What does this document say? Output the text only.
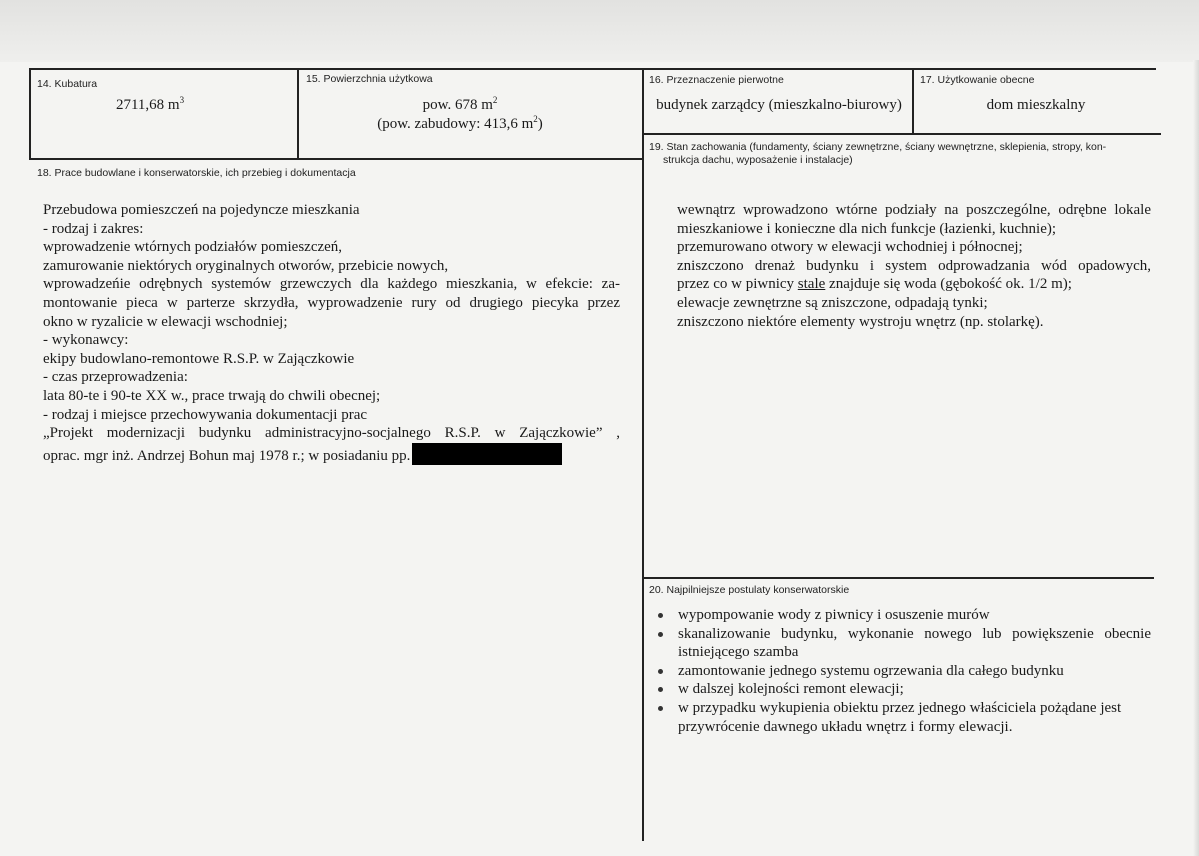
14. Kubatura
2711,68 $m^3$
15. Powierzchnia użytkowa
pow. 678 $m^2$
(pow. zabudowy: 413,6 $m^2$)
16. Przeznaczenie pierwotne
budynek zarządcy (mieszkalno-biurowy)
17. Użytkowanie obecne
dom mieszkalny
18. Prace budowlane i konserwatorskie, ich przebieg i dokumentacja
Przebudowa pomieszczeń na pojedyncze mieszkania
- rodzaj i zakres:
wprowadzenie wtórnych podziałów pomieszczeń,
zamurowanie niektórych oryginalnych otworów, przebicie nowych,
wprowadzeńie odrębnych systemów grzewczych dla każdego mieszkania, w efekcie: za-
montowanie pieca w parterze skrzydła, wyprowadzenie rury od drugiego piecyka przez
okno w ryzalicie w elewacji wschodniej;
- wykonawcy:
ekipy budowlano-remontowe R.S.P. w Zajączkowie
- czas przeprowadzenia:
lata 80-te i 90-te XX w., prace trwają do chwili obecnej;
- rodzaj i miejsce przechowywania dokumentacji prac
„Projekt modernizacji budynku administracyjno-socjalnego R.S.P. w Zajączkowie” ,
oprac. mgr inż. Andrzej Bohun maj 1978 r.; w posiadaniu pp.
19. Stan zachowania (fundamenty, ściany zewnętrzne, ściany wewnętrzne, sklepienia, stropy, kon-
strukcja dachu, wyposażenie i instalacje)
wewnątrz wprowadzono wtórne podziały na poszczególne, odrębne lokale
mieszkaniowe i konieczne dla nich funkcje (łazienki, kuchnie);
przemurowano otwory w elewacji wchodniej i północnej;
zniszczono drenaż budynku i system odprowadzania wód opadowych,
przez co w piwnicy stale znajduje się woda (gębokość ok. 1/2 m);
elewacje zewnętrzne są zniszczone, odpadają tynki;
zniszczono niektóre elementy wystroju wnętrz (np. stolarkę).
20. Najpilniejsze postulaty konserwatorskie
wypompowanie wody z piwnicy i osuszenie murów
skanalizowanie budynku, wykonanie nowego lub powiększenie obecnie istniejącego szamba
zamontowanie jednego systemu ogrzewania dla całego budynku
w dalszej kolejności remont elewacji;
w przypadku wykupienia obiektu przez jednego właściciela pożądane jest przywrócenie dawnego układu wnętrz i formy elewacji.
